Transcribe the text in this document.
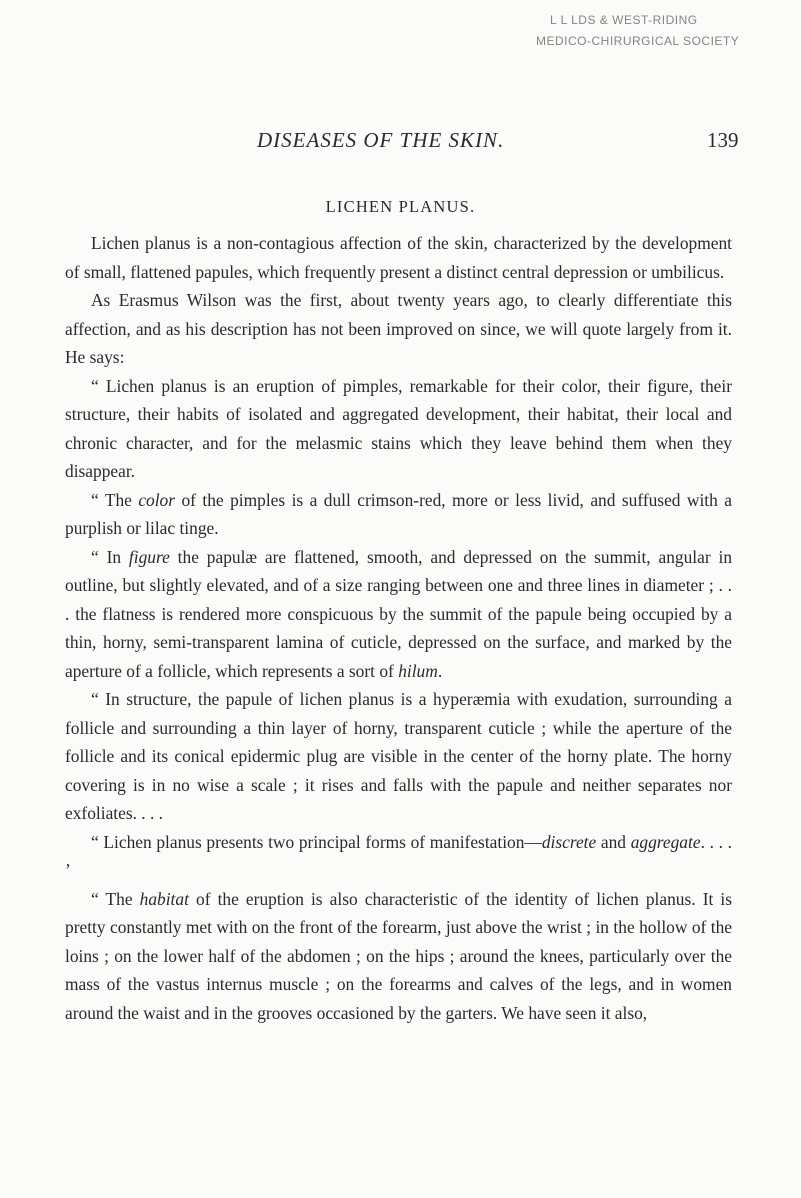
L L LDS & WEST-RIDING
MEDICO-CHIRURGICAL SOCIETY
DISEASES OF THE SKIN.	139
LICHEN PLANUS.

Lichen planus is a non-contagious affection of the skin, characterized by the development of small, flattened papules, which frequently present a distinct central depression or umbilicus.

As Erasmus Wilson was the first, about twenty years ago, to clearly differentiate this affection, and as his description has not been improved on since, we will quote largely from it. He says:

“ Lichen planus is an eruption of pimples, remarkable for their color, their figure, their structure, their habits of isolated and aggregated development, their habitat, their local and chronic character, and for the melasmic stains which they leave behind them when they disappear.

“ The color of the pimples is a dull crimson-red, more or less livid, and suffused with a purplish or lilac tinge.

“ In figure the papulæ are flattened, smooth, and depressed on the summit, angular in outline, but slightly elevated, and of a size ranging between one and three lines in diameter ; . . . the flatness is rendered more conspicuous by the summit of the papule being occupied by a thin, horny, semi-transparent lamina of cuticle, depressed on the surface, and marked by the aperture of a follicle, which represents a sort of hilum.

“ In structure, the papule of lichen planus is a hyperæmia with exudation, surrounding a follicle and surrounding a thin layer of horny, transparent cuticle ; while the aperture of the follicle and its conical epidermic plug are visible in the center of the horny plate. The horny covering is in no wise a scale ; it rises and falls with the papule and neither separates nor exfoliates. . . .

“ Lichen planus presents two principal forms of manifestation—discrete and aggregate. . . . ’

“ The habitat of the eruption is also characteristic of the identity of lichen planus. It is pretty constantly met with on the front of the forearm, just above the wrist ; in the hollow of the loins ; on the lower half of the abdomen ; on the hips ; around the knees, particularly over the mass of the vastus internus muscle ; on the forearms and calves of the legs, and in women around the waist and in the grooves occasioned by the garters. We have seen it also,
